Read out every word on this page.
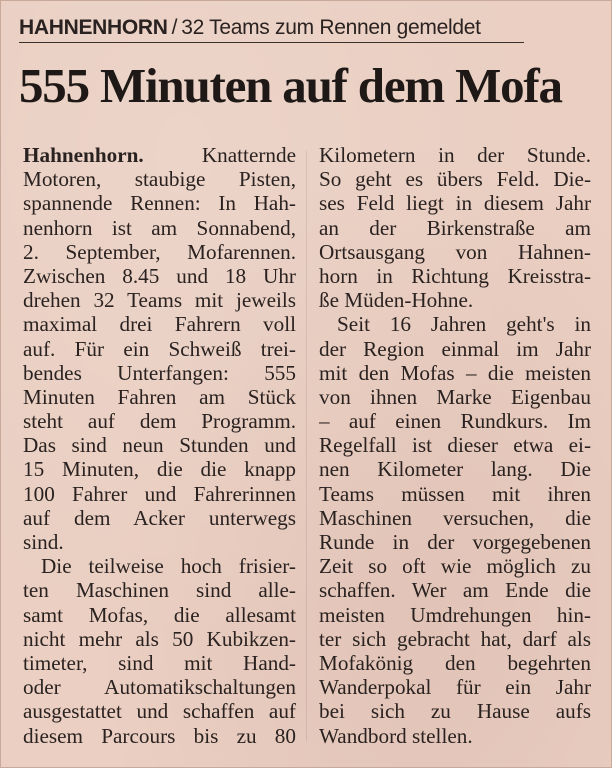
HAHNENHORN / 32 Teams zum Rennen gemeldet
555 Minuten auf dem Mofa
Hahnenhorn. Knatternde
Motoren, staubige Pisten,
spannende Rennen: In Hah-
nenhorn ist am Sonnabend,
2. September, Mofarennen.
Zwischen 8.45 und 18 Uhr
drehen 32 Teams mit jeweils
maximal drei Fahrern voll
auf. Für ein Schweiß trei-
bendes Unterfangen: 555
Minuten Fahren am Stück
steht auf dem Programm.
Das sind neun Stunden und
15 Minuten, die die knapp
100 Fahrer und Fahrerinnen
auf dem Acker unterwegs
sind.
Die teilweise hoch frisier-
ten Maschinen sind alle-
samt Mofas, die allesamt
nicht mehr als 50 Kubikzen-
timeter, sind mit Hand-
oder Automatikschaltungen
ausgestattet und schaffen auf
diesem Parcours bis zu 80
Kilometern in der Stunde.
So geht es übers Feld. Die-
ses Feld liegt in diesem Jahr
an der Birkenstraße am
Ortsausgang von Hahnen-
horn in Richtung Kreisstra-
ße Müden-Hohne.
Seit 16 Jahren geht's in
der Region einmal im Jahr
mit den Mofas – die meisten
von ihnen Marke Eigenbau
– auf einen Rundkurs. Im
Regelfall ist dieser etwa ei-
nen Kilometer lang. Die
Teams müssen mit ihren
Maschinen versuchen, die
Runde in der vorgegebenen
Zeit so oft wie möglich zu
schaffen. Wer am Ende die
meisten Umdrehungen hin-
ter sich gebracht hat, darf als
Mofakönig den begehrten
Wanderpokal für ein Jahr
bei sich zu Hause aufs
Wandbord stellen.
